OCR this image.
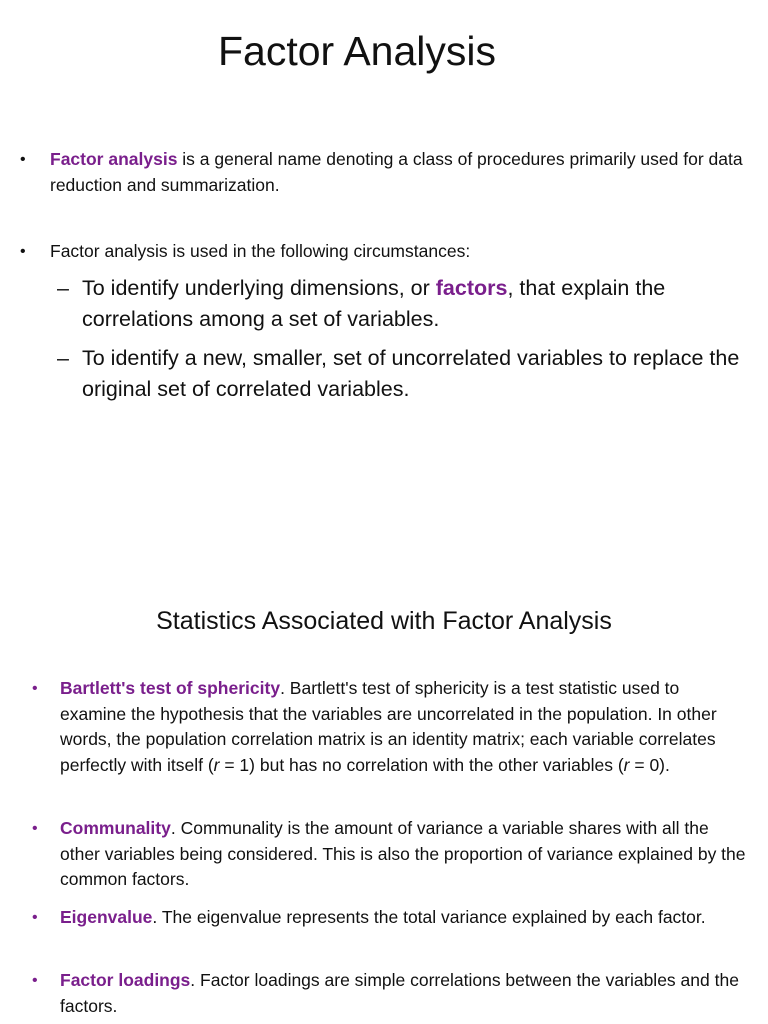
Factor Analysis

• Factor analysis is a general name denoting a class of procedures primarily used for data reduction and summarization.

• Factor analysis is used in the following circumstances:

– To identify underlying dimensions, or factors, that explain the correlations among a set of variables.

– To identify a new, smaller, set of uncorrelated variables to replace the original set of correlated variables.

Statistics Associated with Factor Analysis

• Bartlett's test of sphericity. Bartlett's test of sphericity is a test statistic used to examine the hypothesis that the variables are uncorrelated in the population. In other words, the population correlation matrix is an identity matrix; each variable correlates perfectly with itself (r = 1) but has no correlation with the other variables (r = 0).

• Communality. Communality is the amount of variance a variable shares with all the other variables being considered. This is also the proportion of variance explained by the common factors.

• Eigenvalue. The eigenvalue represents the total variance explained by each factor.

• Factor loadings. Factor loadings are simple correlations between the variables and the factors.
